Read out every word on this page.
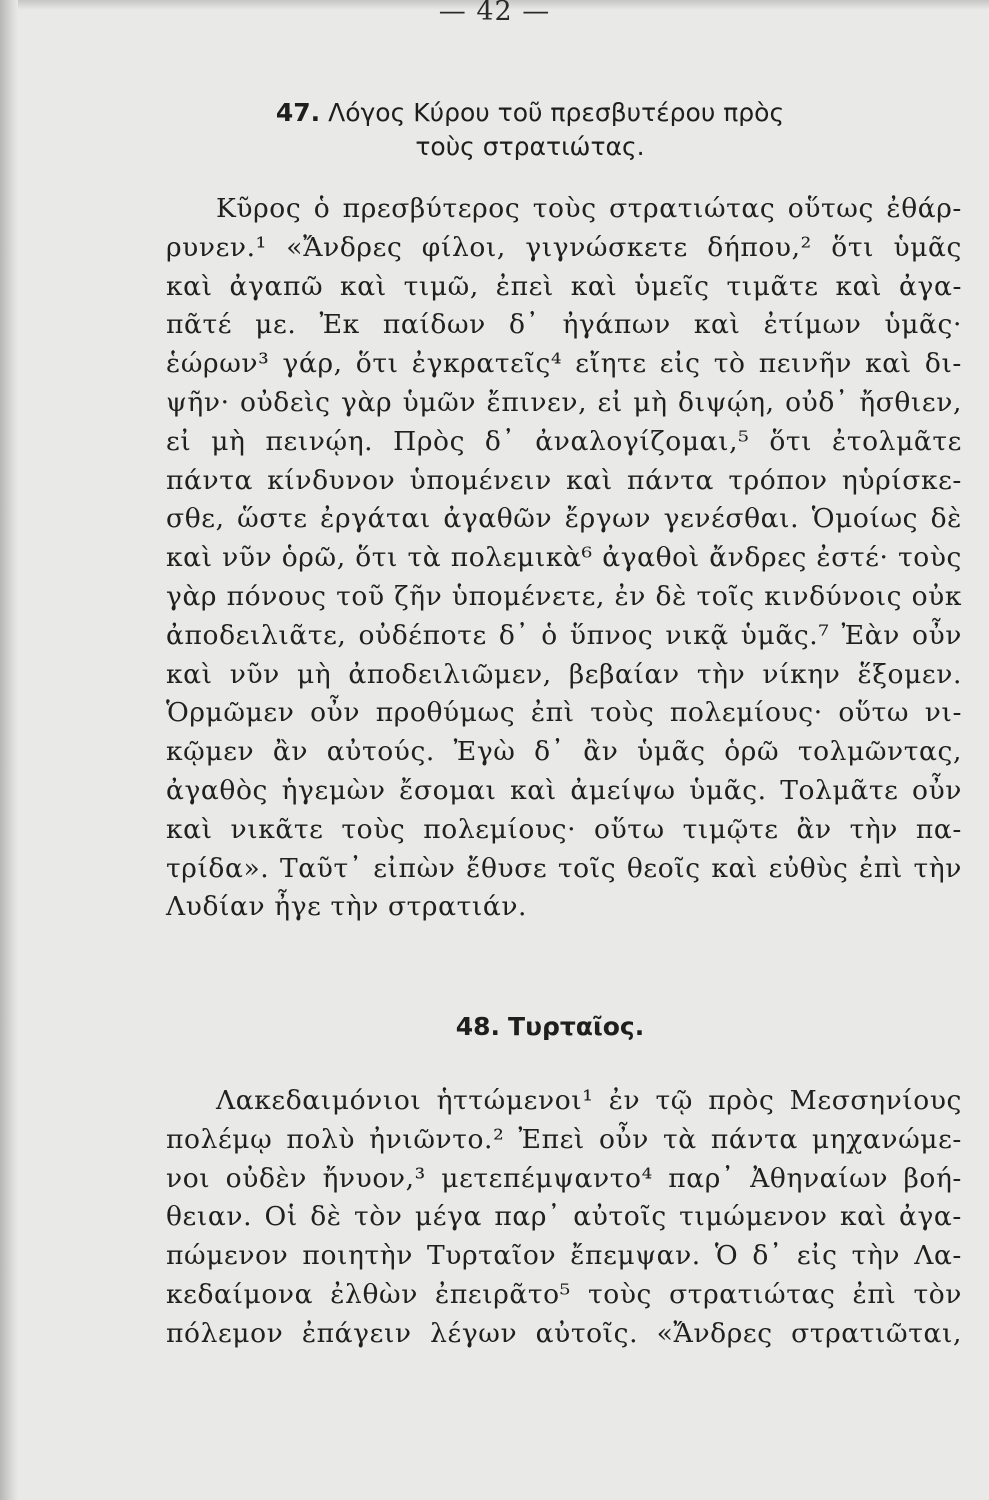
— 42 —
47. Λόγος Κύρου τοῦ πρεσβυτέρου πρὸς
τοὺς στρατιώτας.
Κῦρος ὁ πρεσβύτερος τοὺς στρατιώτας οὕτως ἐθάρ-
ρυνεν.¹ «Ἄνδρες φίλοι, γιγνώσκετε δήπου,² ὅτι ὑμᾶς
καὶ ἀγαπῶ καὶ τιμῶ, ἐπεὶ καὶ ὑμεῖς τιμᾶτε καὶ ἀγα-
πᾶτέ με. Ἐκ παίδων δ᾽ ἠγάπων καὶ ἐτίμων ὑμᾶς·
ἑώρων³ γάρ, ὅτι ἐγκρατεῖς⁴ εἴητε εἰς τὸ πεινῆν καὶ δι-
ψῆν· οὐδεὶς γὰρ ὑμῶν ἔπινεν, εἰ μὴ διψῴη, οὐδ᾽ ἤσθιεν,
εἰ μὴ πεινῴη. Πρὸς δ᾽ ἀναλογίζομαι,⁵ ὅτι ἐτολμᾶτε
πάντα κίνδυνον ὑπομένειν καὶ πάντα τρόπον ηὑρίσκε-
σθε, ὥστε ἐργάται ἀγαθῶν ἔργων γενέσθαι. Ὁμοίως δὲ
καὶ νῦν ὁρῶ, ὅτι τὰ πολεμικὰ⁶ ἀγαθοὶ ἄνδρες ἐστέ· τοὺς
γὰρ πόνους τοῦ ζῆν ὑπομένετε, ἐν δὲ τοῖς κινδύνοις οὐκ
ἀποδειλιᾶτε, οὐδέποτε δ᾽ ὁ ὕπνος νικᾷ ὑμᾶς.⁷ Ἐὰν οὖν
καὶ νῦν μὴ ἀποδειλιῶμεν, βεβαίαν τὴν νίκην ἕξομεν.
Ὁρμῶμεν οὖν προθύμως ἐπὶ τοὺς πολεμίους· οὕτω νι-
κῷμεν ἂν αὐτούς. Ἐγὼ δ᾽ ἂν ὑμᾶς ὁρῶ τολμῶντας,
ἀγαθὸς ἡγεμὼν ἔσομαι καὶ ἀμείψω ὑμᾶς. Τολμᾶτε οὖν
καὶ νικᾶτε τοὺς πολεμίους· οὕτω τιμῷτε ἂν τὴν πα-
τρίδα». Ταῦτ᾽ εἰπὼν ἔθυσε τοῖς θεοῖς καὶ εὐθὺς ἐπὶ τὴν
Λυδίαν ἦγε τὴν στρατιάν.
48. Τυρταῖος.
Λακεδαιμόνιοι ἡττώμενοι¹ ἐν τῷ πρὸς Μεσσηνίους
πολέμῳ πολὺ ἠνιῶντο.² Ἐπεὶ οὖν τὰ πάντα μηχανώμε-
νοι οὐδὲν ἤνυον,³ μετεπέμψαντο⁴ παρ᾽ Ἀθηναίων βοή-
θειαν. Οἱ δὲ τὸν μέγα παρ᾽ αὐτοῖς τιμώμενον καὶ ἀγα-
πώμενον ποιητὴν Τυρταῖον ἔπεμψαν. Ὁ δ᾽ εἰς τὴν Λα-
κεδαίμονα ἐλθὼν ἐπειρᾶτο⁵ τοὺς στρατιώτας ἐπὶ τὸν
πόλεμον ἐπάγειν λέγων αὐτοῖς. «Ἄνδρες στρατιῶται,
